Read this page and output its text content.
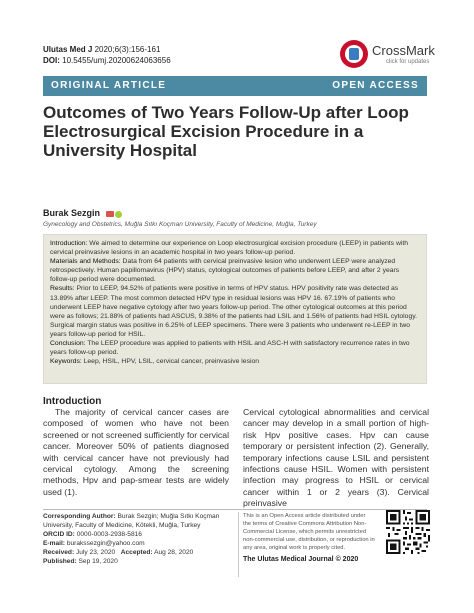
Ulutas Med J 2020;6(3):156-161
DOI: 10.5455/umj.20200624063656
CrossMark
click for updates
ORIGINAL ARTICLE	OPEN ACCESS
Outcomes of Two Years Follow-Up after Loop Electrosurgical Excision Procedure in a University Hospital
Burak Sezgin
Gynecology and Obstetrics, Muğla Sıtkı Koçman University, Faculty of Medicine, Muğla, Turkey

Introduction: We aimed to determine our experience on Loop electrosurgical excision procedure (LEEP) in patients with cervical preinvasive lesions in an academic hospital in two years follow-up period.

Materials and Methods: Data from 64 patients with cervical preinvasive lesion who underwent LEEP were analyzed retrospectively. Human papillomavirus (HPV) status, cytological outcomes of patients before LEEP, and after 2 years follow-up period were documented.

Results: Prior to LEEP, 94.52% of patients were positive in terms of HPV status. HPV positivity rate was detected as 13.89% after LEEP. The most common detected HPV type in residual lesions was HPV 16. 67.19% of patients who underwent LEEP have negative cytology after two years follow-up period. The other cytological outcomes at this period were as follows; 21.88% of patients had ASCUS, 9.38% of the patients had LSIL and 1.56% of patients had HSIL cytology. Surgical margin status was positive in 6.25% of LEEP specimens. There were 3 patients who underwent re-LEEP in two years follow-up period for HSIL.

Conclusion: The LEEP procedure was applied to patients with HSIL and ASC-H with satisfactory recurrence rates in two years follow-up period.

Keywords: Leep, HSIL, HPV, LSIL, cervical cancer, preinvasive lesion

Introduction
The majority of cervical cancer cases are composed of women who have not been screened or not screened sufficiently for cervical cancer. Moreover 50% of patients diagnosed with cervical cancer have not previously had cervical cytology. Among the screening methods, Hpv and pap-smear tests are widely used (1).
Cervical cytological abnormalities and cervical cancer may develop in a small portion of high-risk Hpv positive cases. Hpv can cause temporary or persistent infection (2). Generally, temporary infections cause LSIL and persistent infections cause HSIL. Women with persistent infection may progress to HSIL or cervical cancer within 1 or 2 years (3). Cervical preinvasive
Corresponding Author: Burak Sezgin; Muğla Sıtkı Koçman University, Faculty of Medicine, Kötekli, Muğla, Turkey
ORCID ID: 0000-0003-2938-5816
E-mail: burakssezgin@yahoo.com
Received: July 23, 2020 Accepted: Aug 28, 2020
Published: Sep 19, 2020
This is an Open Access article distributed under the terms of Creative Commons Attribution Non-Commercial License, which permits unrestricted non-commercial use, distribution, or reproduction in any area, original work is properly cited.
The Ulutas Medical Journal © 2020
